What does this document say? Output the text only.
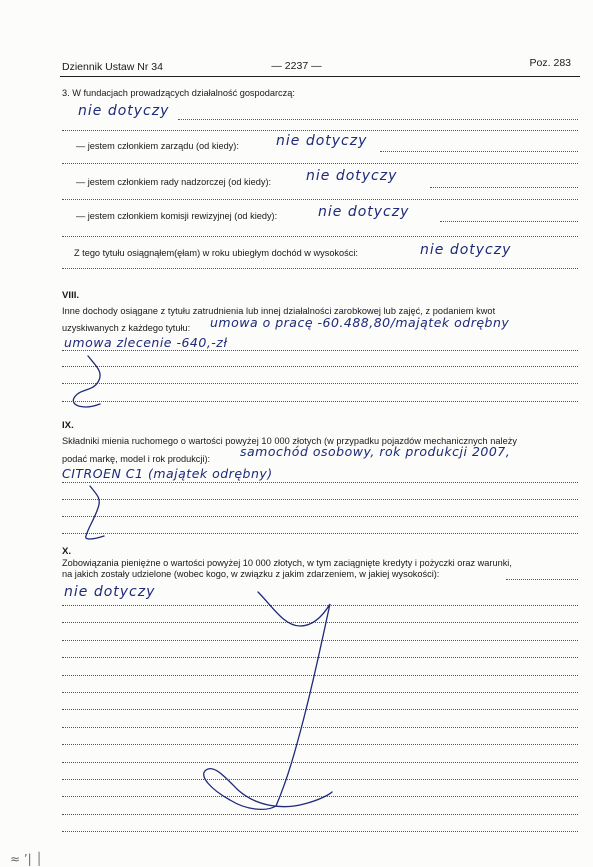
Dziennik Ustaw Nr 34	— 2237 —	Poz. 283
3. W fundacjach prowadzących działalność gospodarczą:
nie dotyczy
— jestem członkiem zarządu (od kiedy):	nie dotyczy
— jestem członkiem rady nadzorczej (od kiedy): nie dotyczy
— jestem członkiem komisji rewizyjnej (od kiedy):	nie dotyczy
Z tego tytułu osiągnąłem(ęłam) w roku ubiegłym dochód w wysokości:	nie dotyczy
VIII.
Inne dochody osiągane z tytułu zatrudnienia lub innej działalności zarobkowej lub zajęć, z podaniem kwot
uzyskiwanych z każdego tytułu: umowa o pracę -60.488,80/majątek odrębny
umowa zlecenie -640,-zł
IX.
Składniki mienia ruchomego o wartości powyżej 10 000 złotych (w przypadku pojazdów mechanicznych należy
podać markę, model i rok produkcji): samochód osobowy, rok produkcji 2007,
CITROEN C1 (majątek odrębny)
X.
Zobowiązania pieniężne o wartości powyżej 10 000 złotych, w tym zaciągnięte kredyty i pożyczki oraz warunki,
na jakich zostały udzielone (wobec kogo, w związku z jakim zdarzeniem, w jakiej wysokości):
nie dotyczy
≈ ’| │
